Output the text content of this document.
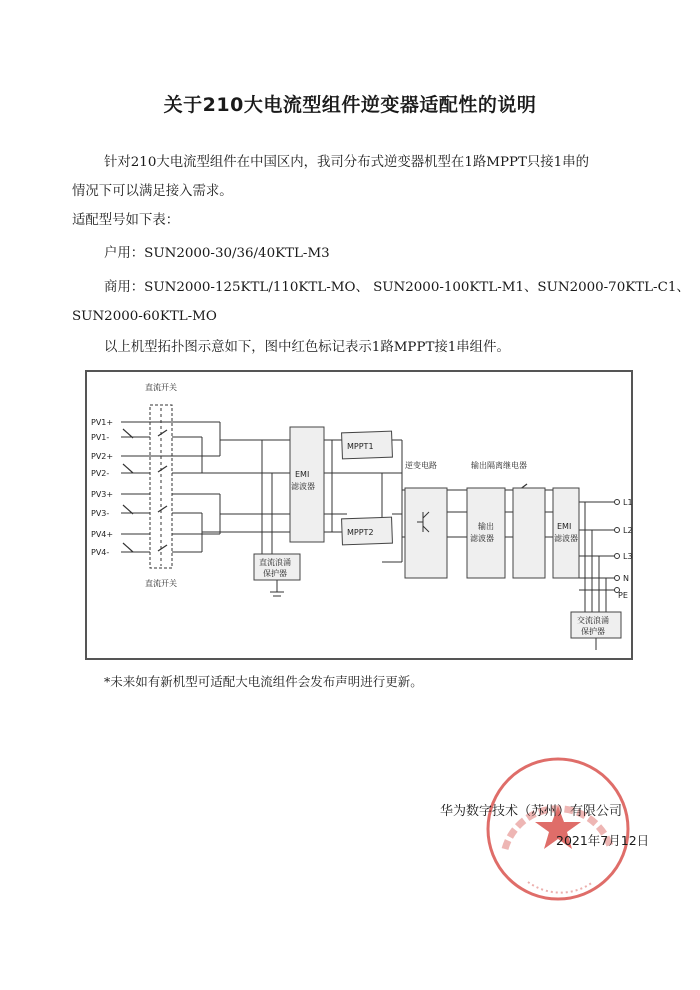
关于210大电流型组件逆变器适配性的说明
针对210大电流型组件在中国区内，我司分布式逆变器机型在1路MPPT只接1串的
情况下可以满足接入需求。
适配型号如下表：
户用：SUN2000-30/36/40KTL-M3
商用：SUN2000-125KTL/110KTL-MO、 SUN2000-100KTL-M1、SUN2000-70KTL-C1、
SUN2000-60KTL-MO
以上机型拓扑图示意如下，图中红色标记表示1路MPPT接1串组件。
直流开关
直流开关
PV1+
PV1-
PV2+
PV2-
PV3+
PV3-
PV4+
PV4-
EMI
滤波器
MPPT1
MPPT2
逆变电路	输出隔离继电器
输出
滤波器
EMI
滤波器
直流浪涌
保护器
交流浪涌
保护器
L1
L2
L3
N
PE
*未来如有新机型可适配大电流组件会发布声明进行更新。
华为数字技术（苏州）有限公司
2021年7月12日
